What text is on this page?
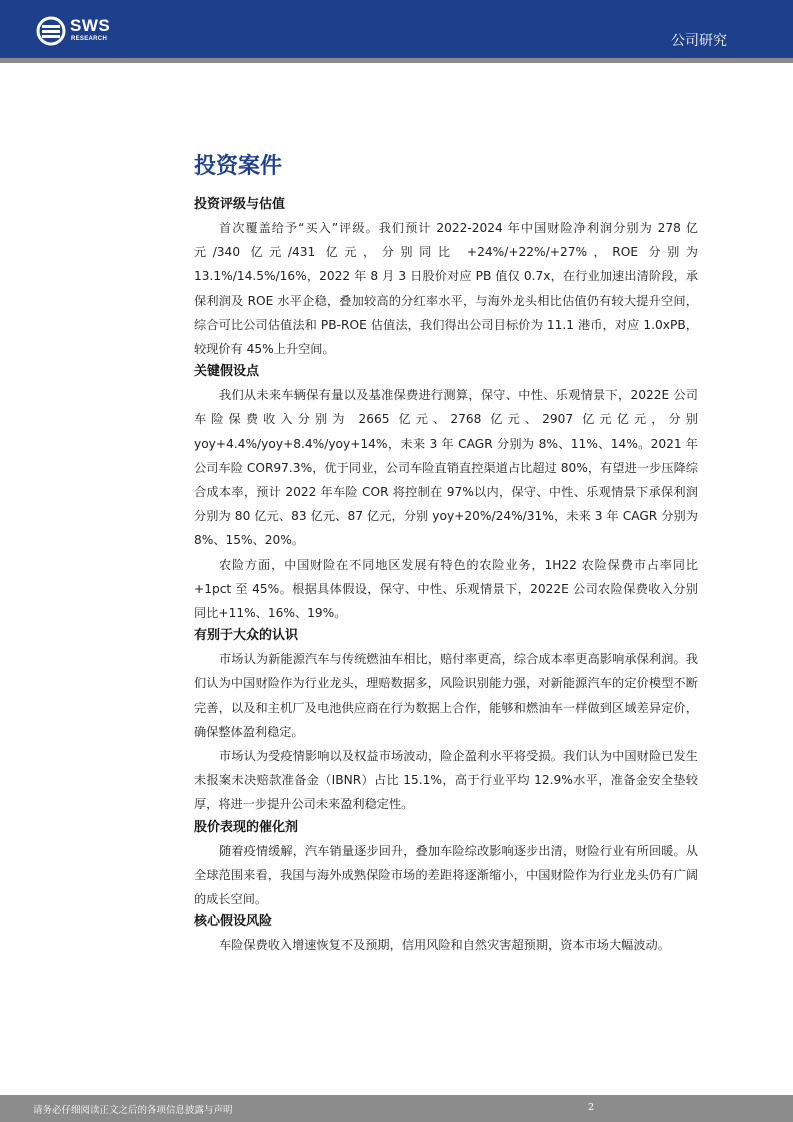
SWS
RESEARCH	公司研究
投资案件
投资评级与估值

首次覆盖给予“买入”评级。我们预计 2022-2024 年中国财险净利润分别为 278 亿元/340 亿元/431 亿元，分别同比 +24%/+22%/+27%，ROE 分别为 13.1%/14.5%/16%，2022 年 8 月 3 日股价对应 PB 值仅 0.7x，在行业加速出清阶段，承保利润及 ROE 水平企稳，叠加较高的分红率水平，与海外龙头相比估值仍有较大提升空间，综合可比公司估值法和 PB-ROE 估值法，我们得出公司目标价为 11.1 港币，对应 1.0xPB，较现价有 45%上升空间。

关键假设点

我们从未来车辆保有量以及基准保费进行测算，保守、中性、乐观情景下，2022E 公司车险保费收入分别为 2665 亿元、2768 亿元、2907 亿元亿元，分别 yoy+4.4%/yoy+8.4%/yoy+14%，未来 3 年 CAGR 分别为 8%、11%、14%。2021 年公司车险 COR97.3%，优于同业，公司车险直销直控渠道占比超过 80%，有望进一步压降综合成本率，预计 2022 年车险 COR 将控制在 97%以内，保守、中性、乐观情景下承保利润分别为 80 亿元、83 亿元、87 亿元，分别 yoy+20%/24%/31%，未来 3 年 CAGR 分别为 8%、15%、20%。

农险方面，中国财险在不同地区发展有特色的农险业务，1H22 农险保费市占率同比+1pct 至 45%。根据具体假设，保守、中性、乐观情景下，2022E 公司农险保费收入分别同比+11%、16%、19%。

有别于大众的认识

市场认为新能源汽车与传统燃油车相比，赔付率更高，综合成本率更高影响承保利润。我们认为中国财险作为行业龙头，理赔数据多，风险识别能力强，对新能源汽车的定价模型不断完善，以及和主机厂及电池供应商在行为数据上合作，能够和燃油车一样做到区域差异定价，确保整体盈利稳定。

市场认为受疫情影响以及权益市场波动，险企盈利水平将受损。我们认为中国财险已发生未报案未决赔款准备金（IBNR）占比 15.1%，高于行业平均 12.9%水平，准备金安全垫较厚，将进一步提升公司未来盈利稳定性。

股价表现的催化剂

随着疫情缓解，汽车销量逐步回升，叠加车险综改影响逐步出清，财险行业有所回暖。从全球范围来看，我国与海外成熟保险市场的差距将逐渐缩小，中国财险作为行业龙头仍有广阔的成长空间。

核心假设风险

车险保费收入增速恢复不及预期，信用风险和自然灾害超预期，资本市场大幅波动。

请务必仔细阅读正文之后的各项信息披露与声明	2
